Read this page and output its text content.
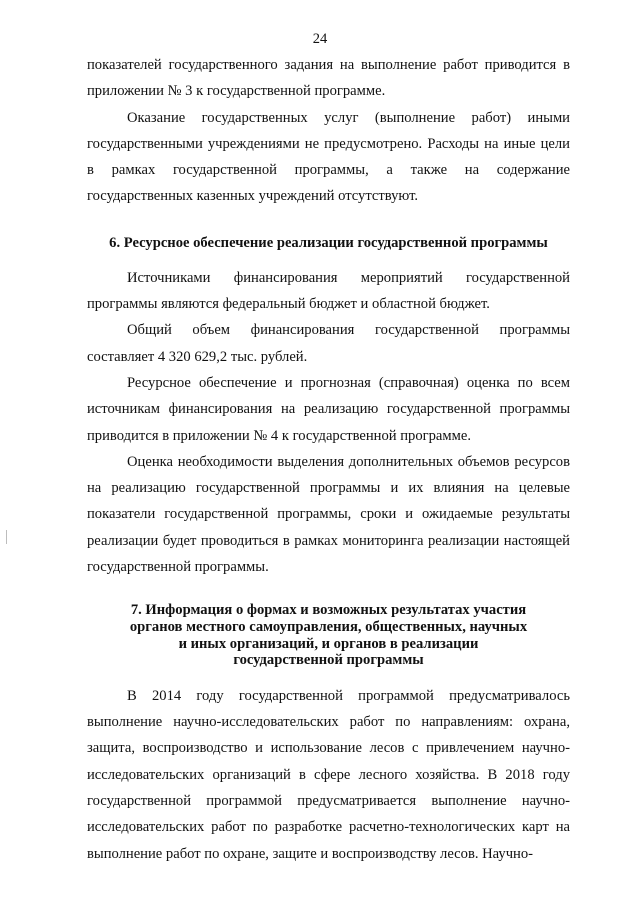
24

показателей государственного задания на выполнение работ приводится в приложении № 3 к государственной программе.

Оказание государственных услуг (выполнение работ) иными государственными учреждениями не предусмотрено. Расходы на иные цели в рамках государственной программы, а также на содержание государственных казенных учреждений отсутствуют.

6. Ресурсное обеспечение реализации государственной программы

Источниками финансирования мероприятий государственной программы являются федеральный бюджет и областной бюджет.

Общий объем финансирования государственной программы составляет 4 320 629,2 тыс. рублей.

Ресурсное обеспечение и прогнозная (справочная) оценка по всем источникам финансирования на реализацию государственной программы приводится в приложении № 4 к государственной программе.

Оценка необходимости выделения дополнительных объемов ресурсов на реализацию государственной программы и их влияния на целевые показатели государственной программы, сроки и ожидаемые результаты реализации будет проводиться в рамках мониторинга реализации настоящей государственной программы.

7. Информация о формах и возможных результатах участия
органов местного самоуправления, общественных, научных
и иных организаций, и органов в реализации
государственной программы

В 2014 году государственной программой предусматривалось выполнение научно-исследовательских работ по направлениям: охрана, защита, воспроизводство и использование лесов с привлечением научно-исследовательских организаций в сфере лесного хозяйства. В 2018 году государственной программой предусматривается выполнение научно-исследовательских работ по разработке расчетно-технологических карт на выполнение работ по охране, защите и воспроизводству лесов. Научно-
